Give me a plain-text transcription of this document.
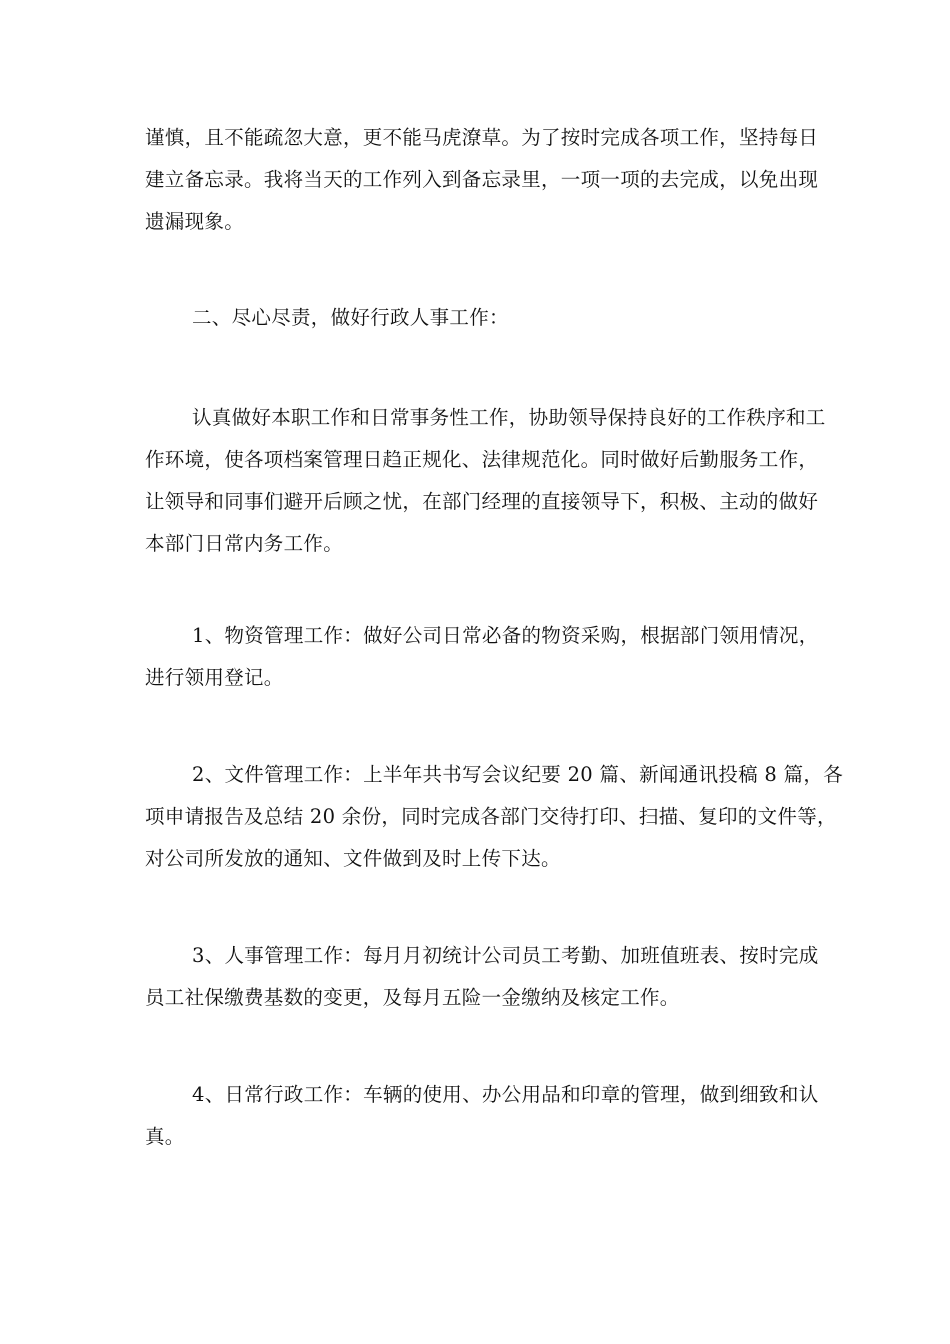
谨慎，且不能疏忽大意，更不能马虎潦草。为了按时完成各项工作，坚持每日
建立备忘录。我将当天的工作列入到备忘录里，一项一项的去完成，以免出现
遗漏现象。

二、尽心尽责，做好行政人事工作：

认真做好本职工作和日常事务性工作，协助领导保持良好的工作秩序和工
作环境，使各项档案管理日趋正规化、法律规范化。同时做好后勤服务工作，
让领导和同事们避开后顾之忧，在部门经理的直接领导下，积极、主动的做好
本部门日常内务工作。

1、物资管理工作：做好公司日常必备的物资采购，根据部门领用情况，
进行领用登记。

2、文件管理工作：上半年共书写会议纪要 20 篇、新闻通讯投稿 8 篇，各
项申请报告及总结 20 余份，同时完成各部门交待打印、扫描、复印的文件等，
对公司所发放的通知、文件做到及时上传下达。

3、人事管理工作：每月月初统计公司员工考勤、加班值班表、按时完成
员工社保缴费基数的变更，及每月五险一金缴纳及核定工作。

4、日常行政工作：车辆的使用、办公用品和印章的管理，做到细致和认
真。
